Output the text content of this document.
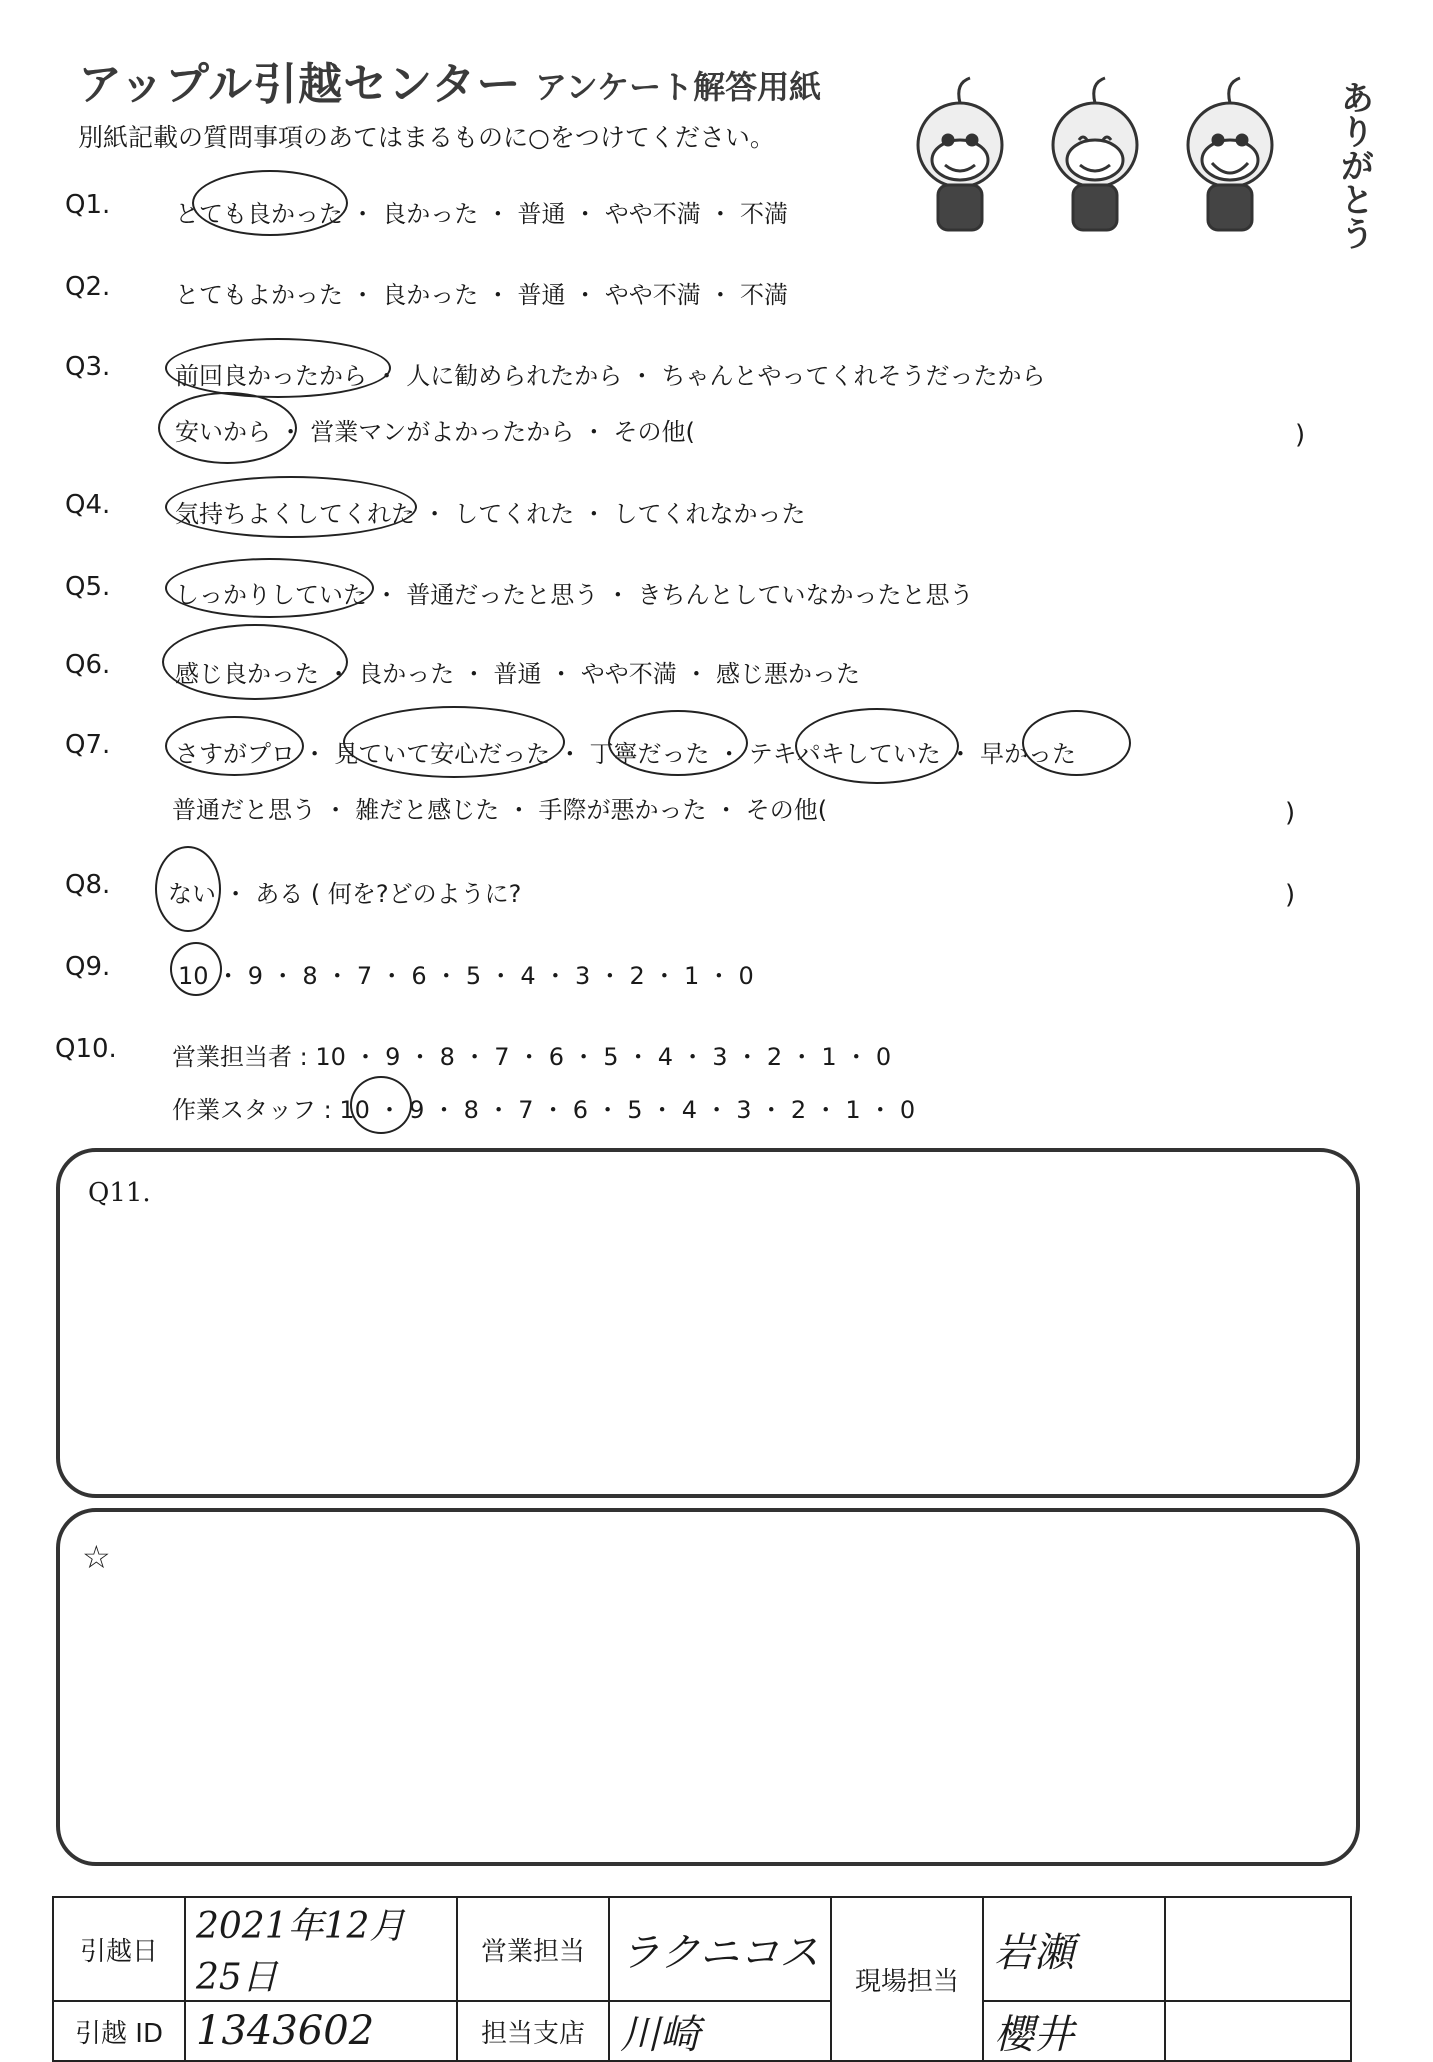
アップル引越センター アンケート解答用紙
別紙記載の質問事項のあてはまるものに○をつけてください。	ありがとう
Q1.	とても良かった ・ 良かった ・ 普通 ・ やや不満 ・ 不満
Q2.	とてもよかった ・ 良かった ・ 普通 ・ やや不満 ・ 不満
Q3.	前回良かったから ・ 人に勧められたから ・ ちゃんとやってくれそうだったから
安いから ・ 営業マンがよかったから ・ その他(	)
Q4.	気持ちよくしてくれた ・ してくれた ・ してくれなかった
Q5.	しっかりしていた ・ 普通だったと思う ・ きちんとしていなかったと思う
Q6.	感じ良かった ・ 良かった ・ 普通 ・ やや不満 ・ 感じ悪かった
Q7.	さすがプロ ・ 見ていて安心だった ・ 丁寧だった ・ テキパキしていた ・ 早かった
普通だと思う ・ 雑だと感じた ・ 手際が悪かった ・ その他(	)
Q8. ない ・ ある ( 何を?どのように?	)
Q9.	10 ・ 9 ・ 8 ・ 7 ・ 6 ・ 5 ・ 4 ・ 3 ・ 2 ・ 1 ・ 0
Q10. 営業担当者 : 10 ・ 9 ・ 8 ・ 7 ・ 6 ・ 5 ・ 4 ・ 3 ・ 2 ・ 1 ・ 0
作業スタッフ : 10 ・ 9 ・ 8 ・ 7 ・ 6 ・ 5 ・ 4 ・ 3 ・ 2 ・ 1 ・ 0
Q11.
☆
引越日	2021年12月25日	営業担当	ラクニコス	現場担当	岩瀬	
引越 ID	1343602	担当支店	川崎		櫻井	
